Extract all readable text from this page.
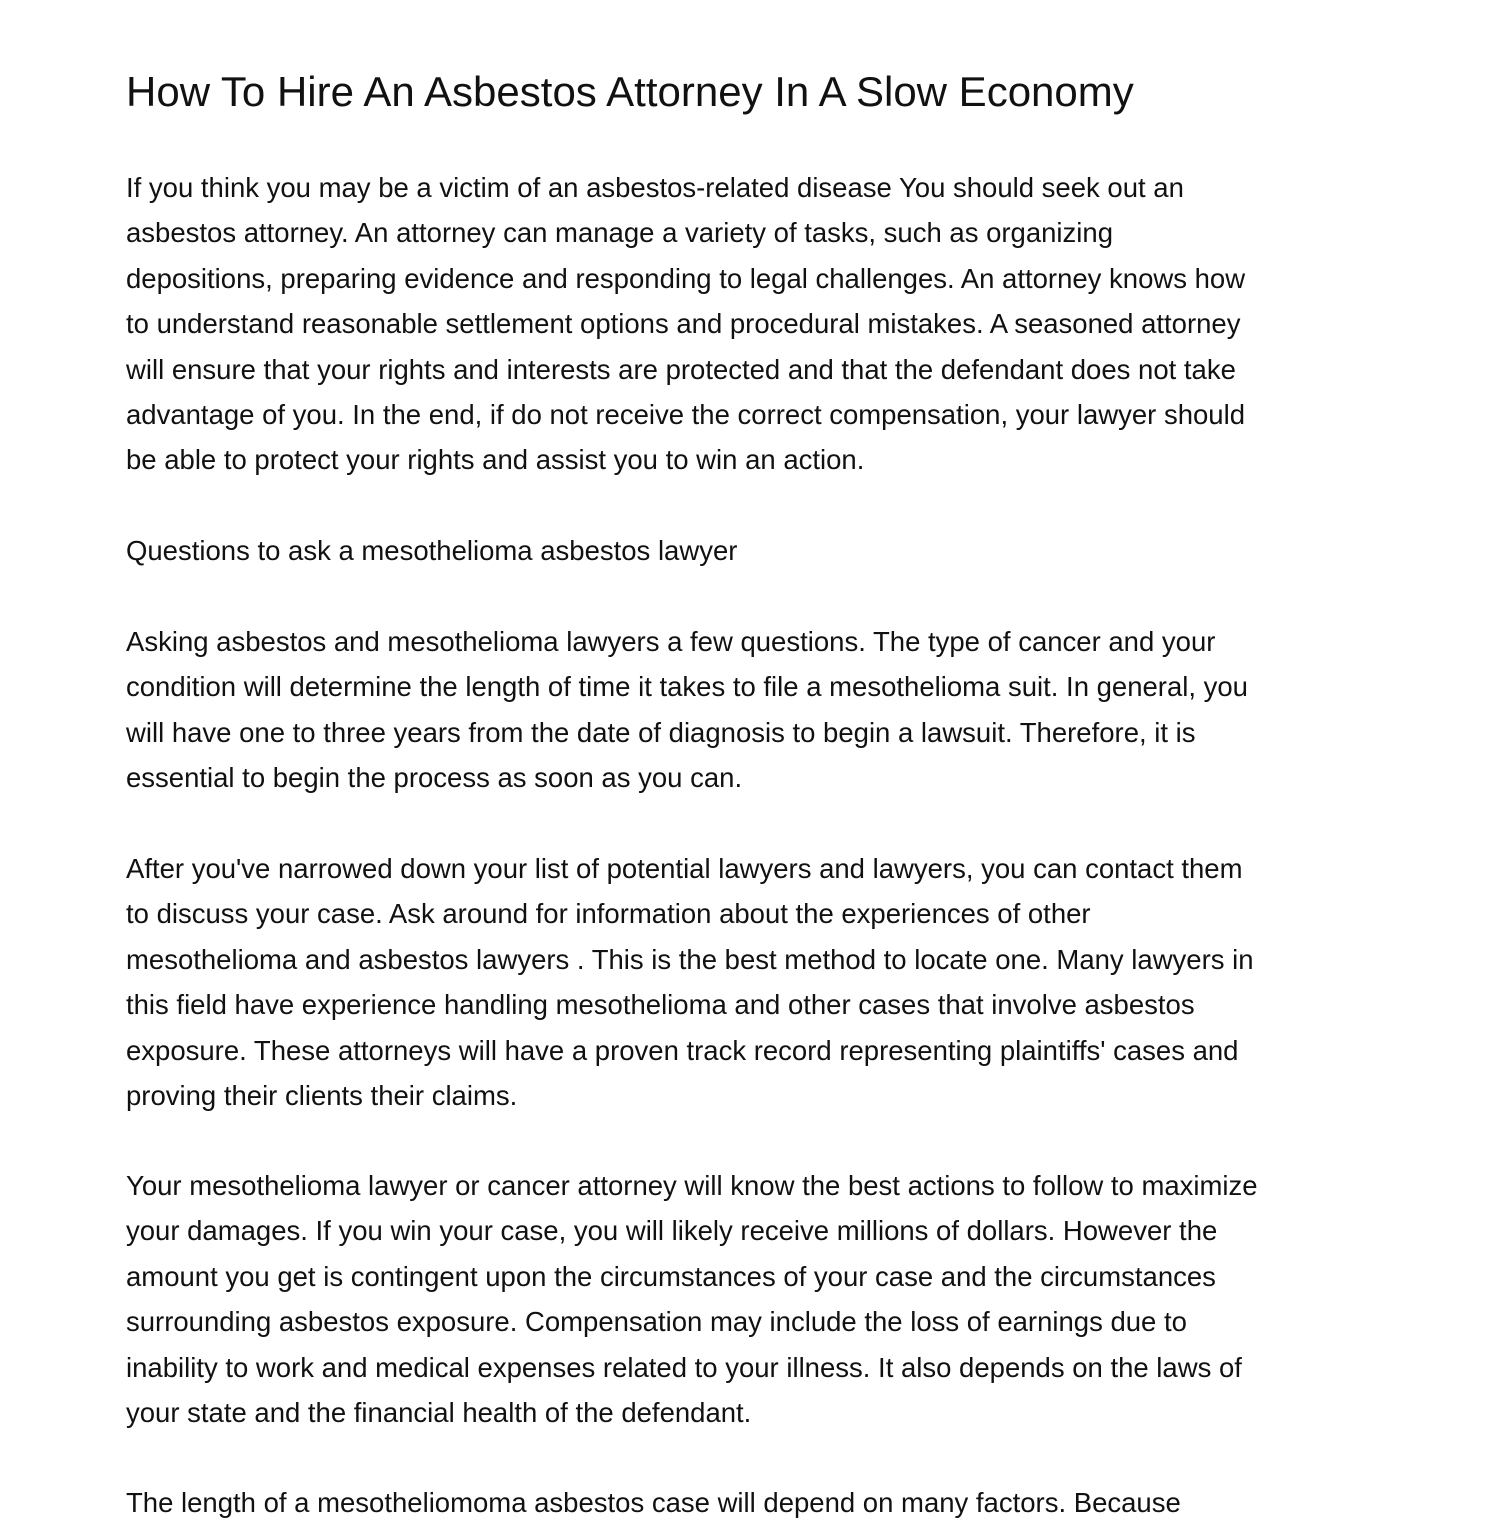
How To Hire An Asbestos Attorney In A Slow Economy

If you think you may be a victim of an asbestos-related disease You should seek out an
asbestos attorney. An attorney can manage a variety of tasks, such as organizing
depositions, preparing evidence and responding to legal challenges. An attorney knows how
to understand reasonable settlement options and procedural mistakes. A seasoned attorney
will ensure that your rights and interests are protected and that the defendant does not take
advantage of you. In the end, if do not receive the correct compensation, your lawyer should
be able to protect your rights and assist you to win an action.

Questions to ask a mesothelioma asbestos lawyer

Asking asbestos and mesothelioma lawyers a few questions. The type of cancer and your
condition will determine the length of time it takes to file a mesothelioma suit. In general, you
will have one to three years from the date of diagnosis to begin a lawsuit. Therefore, it is
essential to begin the process as soon as you can.

After you've narrowed down your list of potential lawyers and lawyers, you can contact them
to discuss your case. Ask around for information about the experiences of other
mesothelioma and asbestos lawyers . This is the best method to locate one. Many lawyers in
this field have experience handling mesothelioma and other cases that involve asbestos
exposure. These attorneys will have a proven track record representing plaintiffs' cases and
proving their clients their claims.

Your mesothelioma lawyer or cancer attorney will know the best actions to follow to maximize
your damages. If you win your case, you will likely receive millions of dollars. However the
amount you get is contingent upon the circumstances of your case and the circumstances
surrounding asbestos exposure. Compensation may include the loss of earnings due to
inability to work and medical expenses related to your illness. It also depends on the laws of
your state and the financial health of the defendant.

The length of a mesotheliomoma asbestos case will depend on many factors. Because
